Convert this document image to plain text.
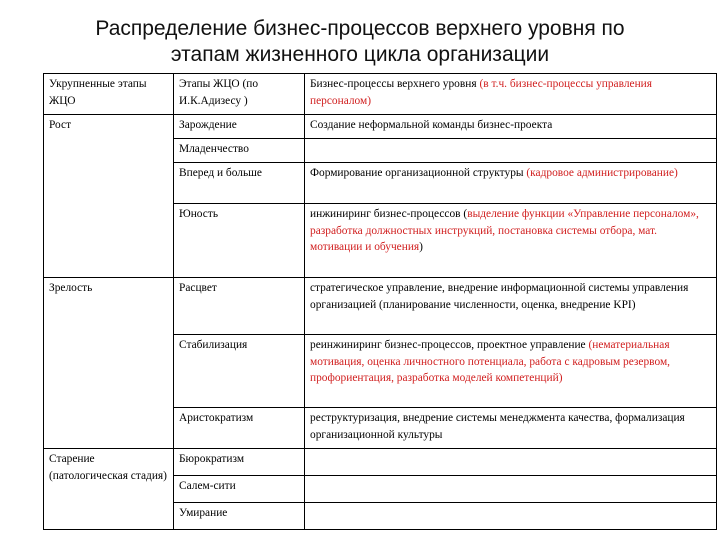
Распределение бизнес-процессов верхнего уровня по
этапам жизненного цикла организации
Укрупненные этапы ЖЦО	Этапы ЖЦО (по И.К.Адизесу )	Бизнес-процессы верхнего уровня (в т.ч. бизнес-процессы управления персоналом)
Рост	Зарождение	Создание неформальной команды бизнес-проекта
	Младенчество	
	Вперед и больше	Формирование организационной структуры (кадровое администрирование)
	Юность	инжиниринг бизнес-процессов (выделение функции «Управление персоналом», разработка должностных инструкций, постановка системы отбора, мат. мотивации и обучения)
Зрелость	Расцвет	стратегическое управление, внедрение информационной системы управления организацией (планирование численности, оценка, внедрение KPI)
	Стабилизация	реинжиниринг бизнес-процессов, проектное управление (нематериальная мотивация, оценка личностного потенциала, работа с кадровым резервом, профориентация, разработка моделей компетенций)
	Аристократизм	реструктуризация, внедрение системы менеджмента качества, формализация организационной культуры
Старение (патологическая стадия)	Бюрократизм	
	Салем-сити	
	Умирание	
